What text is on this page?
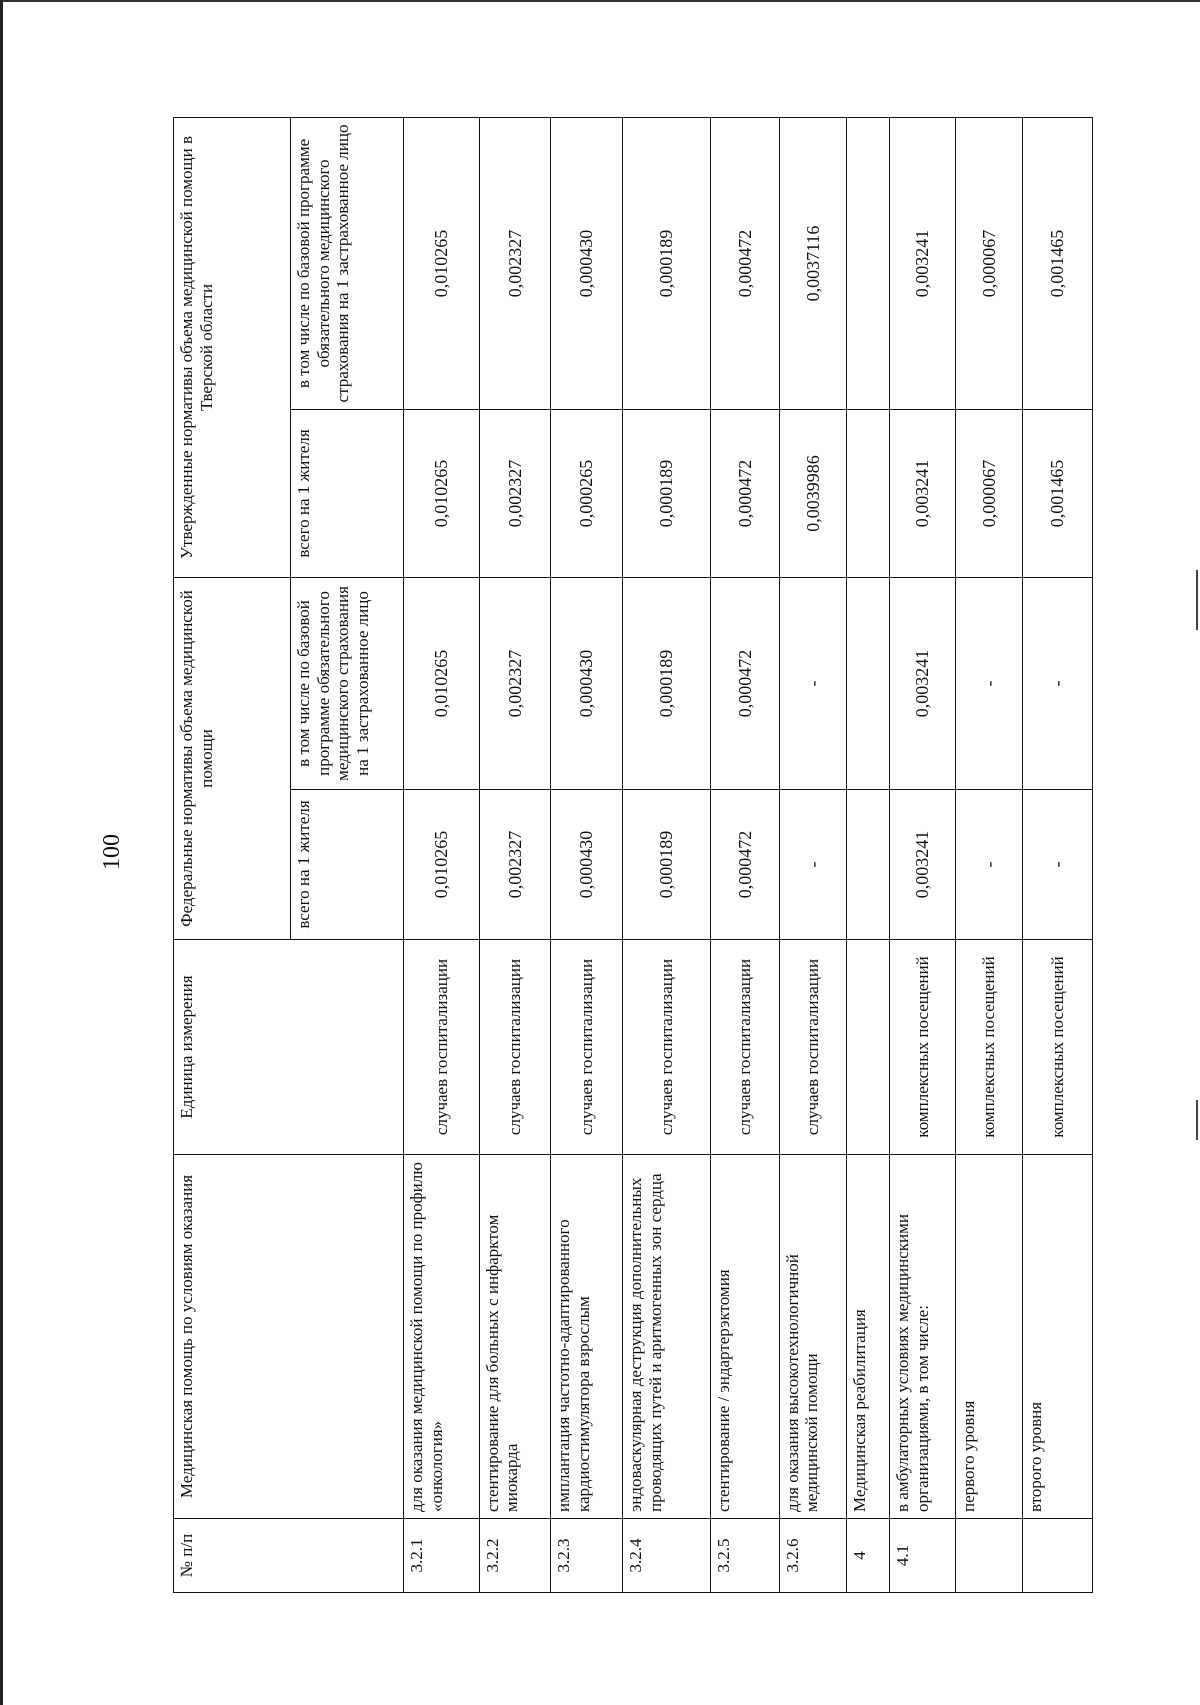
100
№ п/п	Медицинская помощь по условиям оказания	Единица измерения	Федеральные нормативы объема медицинской помощи		Утвержденные нормативы объема медицинской помощи в Тверской области	
			всего на 1 жителя	в том числе по базовой программе обязательного медицинского страхования на 1 застрахованное лицо	всего на 1 жителя	в том числе по базовой программе обязательного медицинского страхования на 1 застрахованное лицо
3.2.1	для оказания медицинской помощи по профилю «онкология»	случаев госпитализации	0,010265	0,010265	0,010265	0,010265
3.2.2	стентирование для больных с инфарктом миокарда	случаев госпитализации	0,002327	0,002327	0,002327	0,002327
3.2.3	имплантация частотно-адаптированного кардиостимулятора взрослым	случаев госпитализации	0,000430	0,000430	0,000265	0,000430
3.2.4	эндоваскулярная деструкция дополнительных проводящих путей и аритмогенных зон сердца	случаев госпитализации	0,000189	0,000189	0,000189	0,000189
3.2.5	стентирование / эндартерэктомия	случаев госпитализации	0,000472	0,000472	0,000472	0,000472
3.2.6	для оказания высокотехнологичной медицинской помощи	случаев госпитализации	-	-	0,0039986	0,0037116
4	Медицинская реабилитация					
4.1	в амбулаторных условиях медицинскими организациями, в том числе:	комплексных посещений	0,003241	0,003241	0,003241	0,003241
	первого уровня	комплексных посещений	-	-	0,000067	0,000067
	второго уровня	комплексных посещений	-	-	0,001465	0,001465
